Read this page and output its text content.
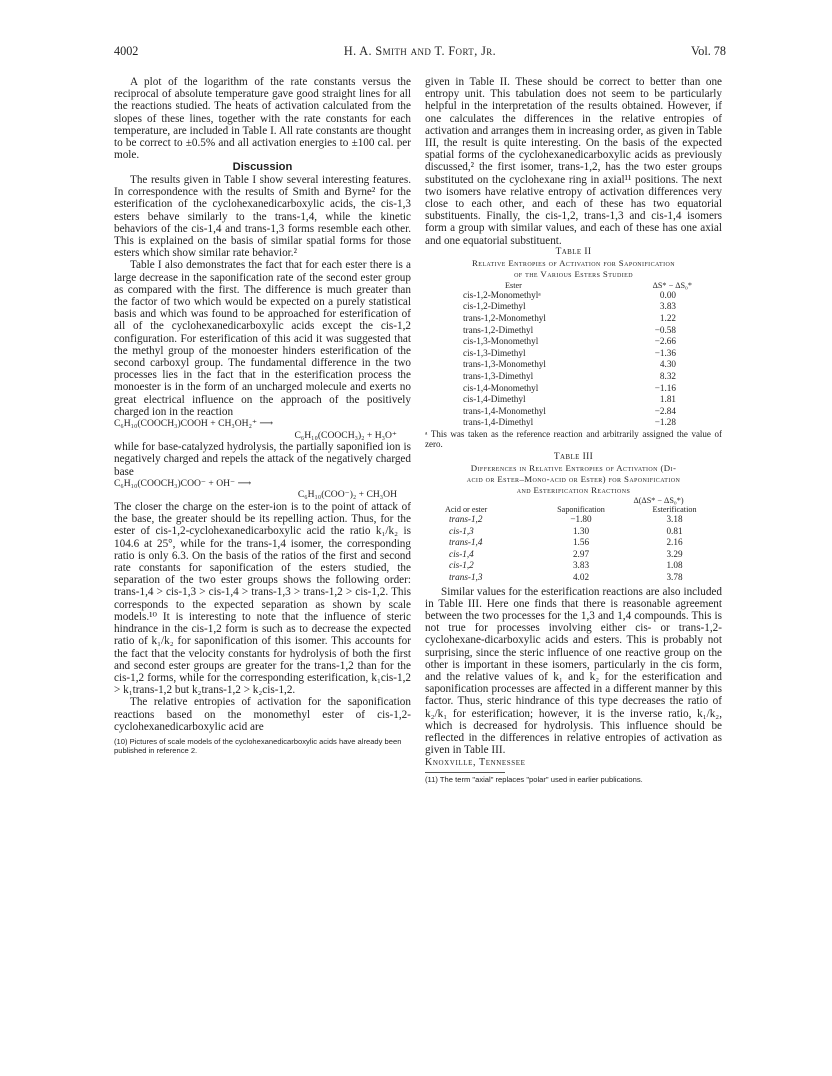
4002	H. A. Smith and T. Fort, Jr.	Vol. 78

A plot of the logarithm of the rate constants versus the reciprocal of absolute temperature gave good straight lines for all the reactions studied. The heats of activation calculated from the slopes of these lines, together with the rate constants for each temperature, are included in Table I. All rate constants are thought to be correct to ±0.5% and all activation energies to ±100 cal. per mole.

Discussion

The results given in Table I show several interesting features. In correspondence with the results of Smith and Byrne² for the esterification of the cyclohexanedicarboxylic acids, the cis-1,3 esters behave similarly to the trans-1,4, while the kinetic behaviors of the cis-1,4 and trans-1,3 forms resemble each other. This is explained on the basis of similar spatial forms for those esters which show similar rate behavior.²

Table I also demonstrates the fact that for each ester there is a large decrease in the saponification rate of the second ester group as compared with the first. The difference is much greater than the factor of two which would be expected on a purely statistical basis and which was found to be approached for esterification of all of the cyclohexanedicarboxylic acids except the cis-1,2 configuration. For esterification of this acid it was suggested that the methyl group of the monoester hinders esterification of the second carboxyl group. The fundamental difference in the two processes lies in the fact that in the esterification process the monoester is in the form of an uncharged molecule and exerts no great electrical influence on the approach of the positively charged ion in the reaction

C₆H₁₀(COOCH₃)COOH + CH₃OH₂⁺ ⟶
C₆H₁₀(COOCH₃)₂ + H₃O⁺

while for base-catalyzed hydrolysis, the partially saponified ion is negatively charged and repels the attack of the negatively charged base

C₆H₁₀(COOCH₃)COO⁻ + OH⁻ ⟶
C₆H₁₀(COO⁻)₂ + CH₃OH

The closer the charge on the ester-ion is to the point of attack of the base, the greater should be its repelling action. Thus, for the ester of cis-1,2-cyclohexanedicarboxylic acid the ratio k₁/k₂ is 104.6 at 25°, while for the trans-1,4 isomer, the corresponding ratio is only 6.3. On the basis of the ratios of the first and second rate constants for saponification of the esters studied, the separation of the two ester groups shows the following order: trans-1,4 > cis-1,3 > cis-1,4 > trans-1,3 > trans-1,2 > cis-1,2. This corresponds to the expected separation as shown by scale models.¹⁰ It is interesting to note that the influence of steric hindrance in the cis-1,2 form is such as to decrease the expected ratio of k₁/k₂ for saponification of this isomer. This accounts for the fact that the velocity constants for hydrolysis of both the first and second ester groups are greater for the trans-1,2 than for the cis-1,2 forms, while for the corresponding esterification, k₁cis-1,2 > k₁trans-1,2 but k₂trans-1,2 > k₂cis-1,2.

The relative entropies of activation for the saponification reactions based on the monomethyl ester of cis-1,2-cyclohexanedicarboxylic acid are

(10) Pictures of scale models of the cyclohexanedicarboxylic acids have already been published in reference 2.

given in Table II. These should be correct to better than one entropy unit. This tabulation does not seem to be particularly helpful in the interpretation of the results obtained. However, if one calculates the differences in the relative entropies of activation and arranges them in increasing order, as given in Table III, the result is quite interesting. On the basis of the expected spatial forms of the cyclohexanedicarboxylic acids as previously discussed,² the first isomer, trans-1,2, has the two ester groups substituted on the cyclohexane ring in axial¹¹ positions. The next two isomers have relative entropy of activation differences very close to each other, and each of these has two equatorial substituents. Finally, the cis-1,2, trans-1,3 and cis-1,4 isomers form a group with similar values, and each of these has one axial and one equatorial substituent.

Table II
Relative Entropies of Activation for Saponification
of the Various Esters Studied
Ester	ΔS* − ΔS₀*
cis-1,2-Monomethylᵃ	0.00
cis-1,2-Dimethyl	3.83
trans-1,2-Monomethyl	1.22
trans-1,2-Dimethyl	−0.58
cis-1,3-Monomethyl	−2.66
cis-1,3-Dimethyl	−1.36
trans-1,3-Monomethyl	4.30
trans-1,3-Dimethyl	8.32
cis-1,4-Monomethyl	−1.16
cis-1,4-Dimethyl	1.81
trans-1,4-Monomethyl	−2.84
trans-1,4-Dimethyl	−1.28
ᵃ This was taken as the reference reaction and arbitrarily assigned the value of zero.
Table III
Differences in Relative Entropies of Activation (Di-
acid or Ester–Mono-acid or Ester) for Saponification
and Esterification Reactions
	Δ(ΔS* − ΔS₀*)	
Acid or ester	Saponification	Esterification
trans-1,2	−1.80	3.18
cis-1,3	1.30	0.81
trans-1,4	1.56	2.16
cis-1,4	2.97	3.29
cis-1,2	3.83	1.08
trans-1,3	4.02	3.78

Similar values for the esterification reactions are also included in Table III. Here one finds that there is reasonable agreement between the two processes for the 1,3 and 1,4 compounds. This is not true for processes involving either cis- or trans-1,2-cyclohexane-dicarboxylic acids and esters. This is probably not surprising, since the steric influence of one reactive group on the other is important in these isomers, particularly in the cis form, and the relative values of k₁ and k₂ for the esterification and saponification processes are affected in a different manner by this factor. Thus, steric hindrance of this type decreases the ratio of k₂/k₁ for esterification; however, it is the inverse ratio, k₁/k₂, which is decreased for hydrolysis. This influence should be reflected in the differences in relative entropies of activation as given in Table III.

Knoxville, Tennessee
(11) The term "axial" replaces "polar" used in earlier publications.
